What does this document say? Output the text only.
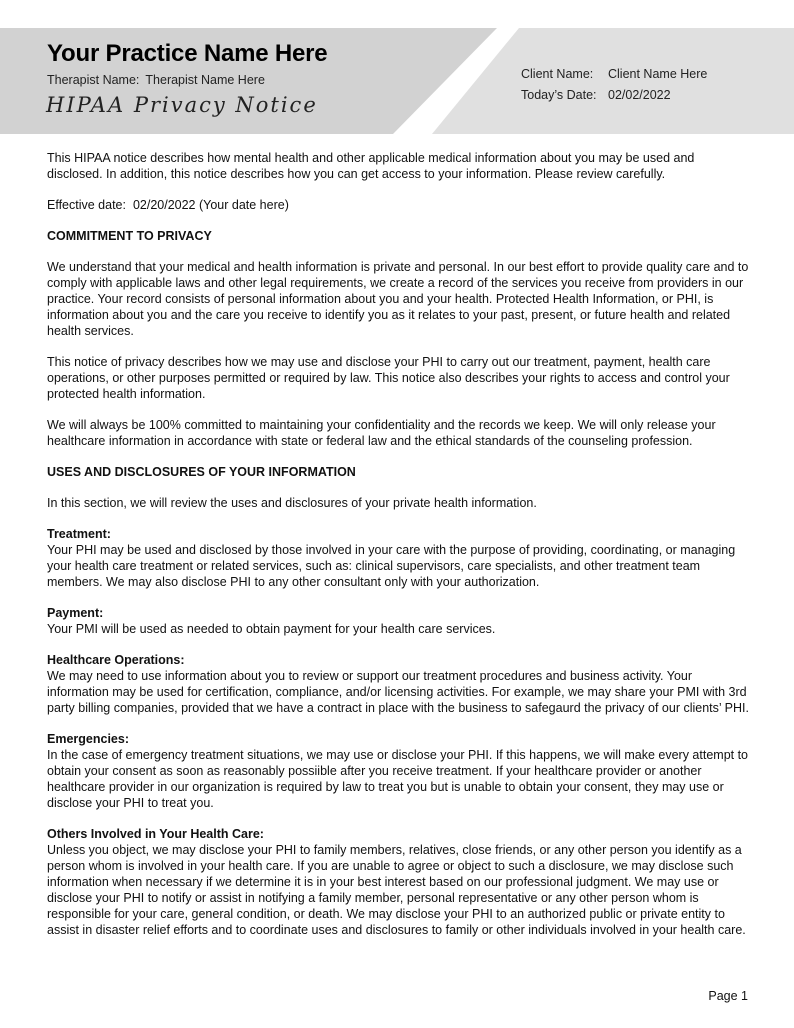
Your Practice Name Here
Therapist Name: Therapist Name Here
HIPAA Privacy Notice
Client Name: Client Name Here
Today’s Date: 02/02/2022

This HIPAA notice describes how mental health and other applicable medical information about you may be used and disclosed. In addition, this notice describes how you can get access to your information. Please review carefully.

Effective date: 02/20/2022 (Your date here)

COMMITMENT TO PRIVACY

We understand that your medical and health information is private and personal. In our best effort to provide quality care and to comply with applicable laws and other legal requirements, we create a record of the services you receive from providers in our practice. Your record consists of personal information about you and your health. Protected Health Information, or PHI, is information about you and the care you receive to identify you as it relates to your past, present, or future health and related health services.

This notice of privacy describes how we may use and disclose your PHI to carry out our treatment, payment, health care operations, or other purposes permitted or required by law. This notice also describes your rights to access and control your protected health information.

We will always be 100% committed to maintaining your confidentiality and the records we keep. We will only release your healthcare information in accordance with state or federal law and the ethical standards of the counseling profession.

USES AND DISCLOSURES OF YOUR INFORMATION

In this section, we will review the uses and disclosures of your private health information.

Treatment:

Your PHI may be used and disclosed by those involved in your care with the purpose of providing, coordinating, or managing your health care treatment or related services, such as: clinical supervisors, care specialists, and other treatment team members. We may also disclose PHI to any other consultant only with your authorization.

Payment:

Your PMI will be used as needed to obtain payment for your health care services.

Healthcare Operations:

We may need to use information about you to review or support our treatment procedures and business activity. Your information may be used for certification, compliance, and/or licensing activities. For example, we may share your PMI with 3rd party billing companies, provided that we have a contract in place with the business to safegaurd the privacy of our clients’ PHI.

Emergencies:

In the case of emergency treatment situations, we may use or disclose your PHI. If this happens, we will make every attempt to obtain your consent as soon as reasonably possiible after you receive treatment. If your healthcare provider or another healthcare provider in our organization is required by law to treat you but is unable to obtain your consent, they may use or disclose your PHI to treat you.

Others Involved in Your Health Care:

Unless you object, we may disclose your PHI to family members, relatives, close friends, or any other person you identify as a person whom is involved in your health care. If you are unable to agree or object to such a disclosure, we may disclose such information when necessary if we determine it is in your best interest based on our professional judgment. We may use or disclose your PHI to notify or assist in notifying a family member, personal representative or any other person whom is responsible for your care, general condition, or death. We may disclose your PHI to an authorized public or private entity to assist in disaster relief efforts and to coordinate uses and disclosures to family or other individuals involved in your health care.

Page 1
